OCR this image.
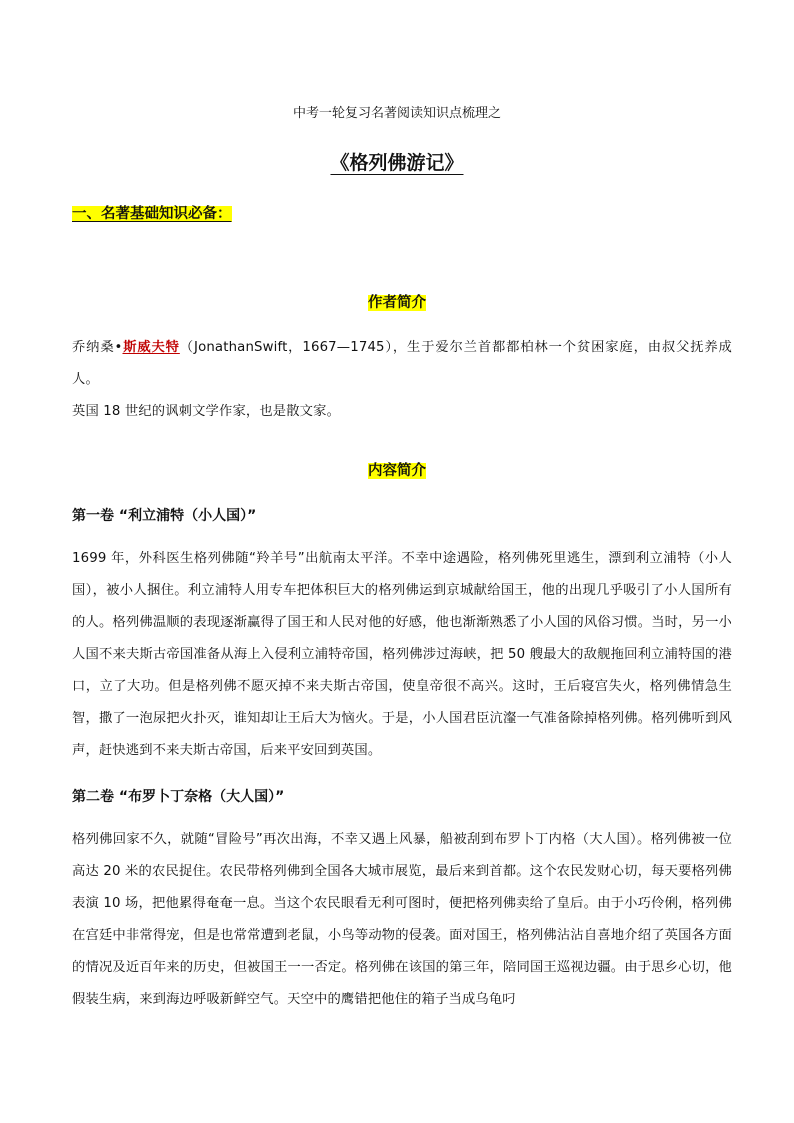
中考一轮复习名著阅读知识点梳理之
《格列佛游记》
一、名著基础知识必备：
作者简介
乔纳桑•斯威夫特（JonathanSwift，1667—1745），生于爱尔兰首都都柏林一个贫困家庭，由叔父抚养成人。
英国 18 世纪的讽刺文学作家，也是散文家。
内容简介
第一卷 “利立浦特（小人国）”
1699 年，外科医生格列佛随“羚羊号”出航南太平洋。不幸中途遇险，格列佛死里逃生，漂到利立浦特（小人国），被小人捆住。利立浦特人用专车把体积巨大的格列佛运到京城献给国王，他的出现几乎吸引了小人国所有的人。格列佛温顺的表现逐渐赢得了国王和人民对他的好感，他也渐渐熟悉了小人国的风俗习惯。当时，另一小人国不来夫斯古帝国准备从海上入侵利立浦特帝国，格列佛涉过海峡，把 50 艘最大的敌舰拖回利立浦特国的港口，立了大功。但是格列佛不愿灭掉不来夫斯古帝国，使皇帝很不高兴。这时，王后寝宫失火，格列佛情急生智，撒了一泡尿把火扑灭，谁知却让王后大为恼火。于是，小人国君臣沆瀣一气准备除掉格列佛。格列佛听到风声，赶快逃到不来夫斯古帝国，后来平安回到英国。
第二卷 “布罗卜丁奈格（大人国）”
格列佛回家不久，就随“冒险号”再次出海，不幸又遇上风暴，船被刮到布罗卜丁内格（大人国）。格列佛被一位高达 20 米的农民捉住。农民带格列佛到全国各大城市展览，最后来到首都。这个农民发财心切，每天要格列佛表演 10 场，把他累得奄奄一息。当这个农民眼看无利可图时，便把格列佛卖给了皇后。由于小巧伶俐，格列佛在宫廷中非常得宠，但是也常常遭到老鼠，小鸟等动物的侵袭。面对国王，格列佛沾沾自喜地介绍了英国各方面的情况及近百年来的历史，但被国王一一否定。格列佛在该国的第三年，陪同国王巡视边疆。由于思乡心切，他假装生病，来到海边呼吸新鲜空气。天空中的鹰错把他住的箱子当成乌龟叼
